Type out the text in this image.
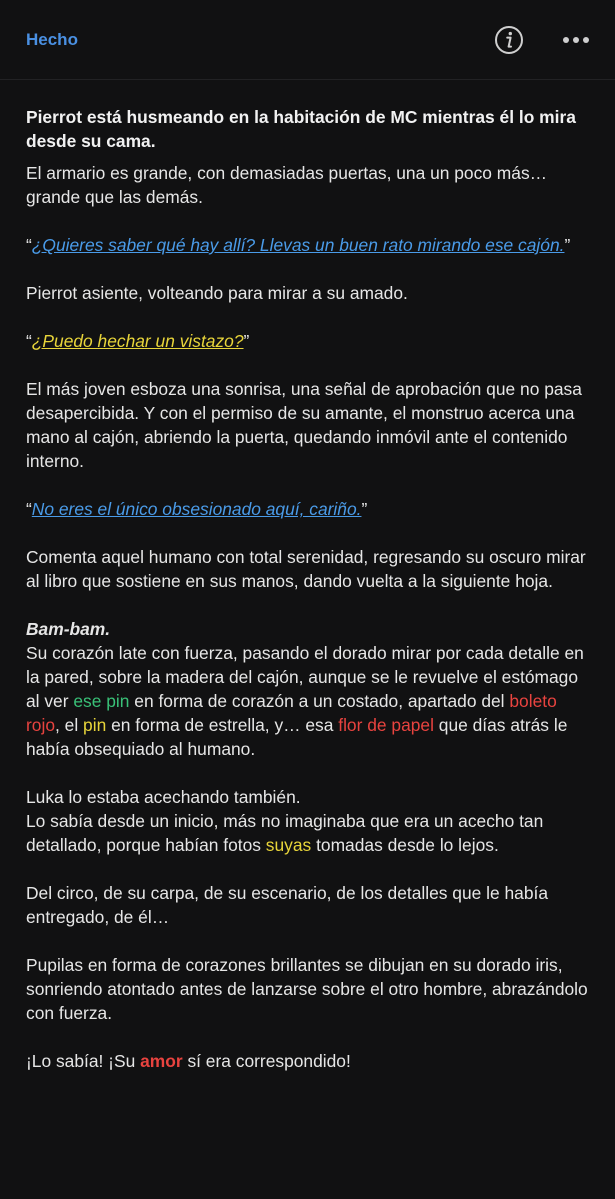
Hecho

Pierrot está husmeando en la habitación de MC mientras él lo mira desde su cama.

El armario es grande, con demasiadas puertas, una un poco más… grande que las demás.

“¿Quieres saber qué hay allí? Llevas un buen rato mirando ese cajón.”

Pierrot asiente, volteando para mirar a su amado.

“¿Puedo hechar un vistazo?”

El más joven esboza una sonrisa, una señal de aprobación que no pasa desapercibida. Y con el permiso de su amante, el monstruo acerca una mano al cajón, abriendo la puerta, quedando inmóvil ante el contenido interno.

“No eres el único obsesionado aquí, cariño.”

Comenta aquel humano con total serenidad, regresando su oscuro mirar al libro que sostiene en sus manos, dando vuelta a la siguiente hoja.

Bam-bam.

Su corazón late con fuerza, pasando el dorado mirar por cada detalle en la pared, sobre la madera del cajón, aunque se le revuelve el estómago al ver ese pin en forma de corazón a un costado, apartado del boleto rojo, el pin en forma de estrella, y… esa flor de papel que días atrás le había obsequiado al humano.

Luka lo estaba acechando también.

Lo sabía desde un inicio, más no imaginaba que era un acecho tan detallado, porque habían fotos suyas tomadas desde lo lejos.

Del circo, de su carpa, de su escenario, de los detalles que le había entregado, de él…

Pupilas en forma de corazones brillantes se dibujan en su dorado iris, sonriendo atontado antes de lanzarse sobre el otro hombre, abrazándolo con fuerza.

¡Lo sabía! ¡Su amor sí era correspondido!
